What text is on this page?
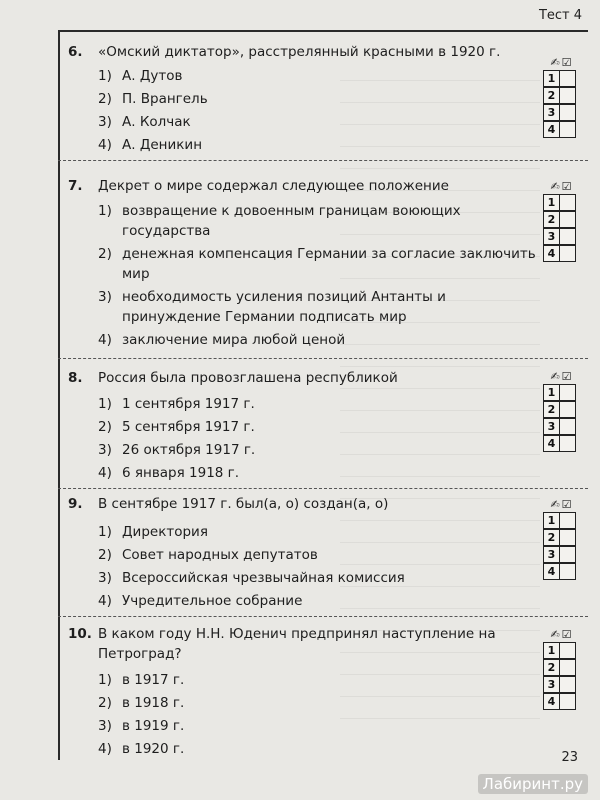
Тест 4
6.	«Омский диктатор», расстрелянный красными в 1920 г.
1) А. Дутов
2) П. Врангель
3) А. Колчак
4) А. Деникин
✍☑
1
2
3
4
7.	Декрет о мире содержал следующее положение
1) возвращение к довоенным границам воюющих государства
2) денежная компенсация Германии за согласие заключить мир
3) необходимость усиления позиций Антанты и принуждение Германии подписать мир
4) заключение мира любой ценой
✍☑
1
2
3
4
8.	Россия была провозглашена республикой
1) 1 сентября 1917 г.
2) 5 сентября 1917 г.
3) 26 октября 1917 г.
4) 6 января 1918 г.
✍☑
1
2
3
4
9.	В сентябре 1917 г. был(а, о) создан(а, о)
1) Директория
2) Совет народных депутатов
3) Всероссийская чрезвычайная комиссия
4) Учредительное собрание
✍☑
1
2
3
4
10. В каком году Н.Н. Юденич предпринял наступление на Петроград?
1) в 1917 г.
2) в 1918 г.
3) в 1919 г.
4) в 1920 г.
✍☑
1
2
3
4
23
Лабиринт.ру
